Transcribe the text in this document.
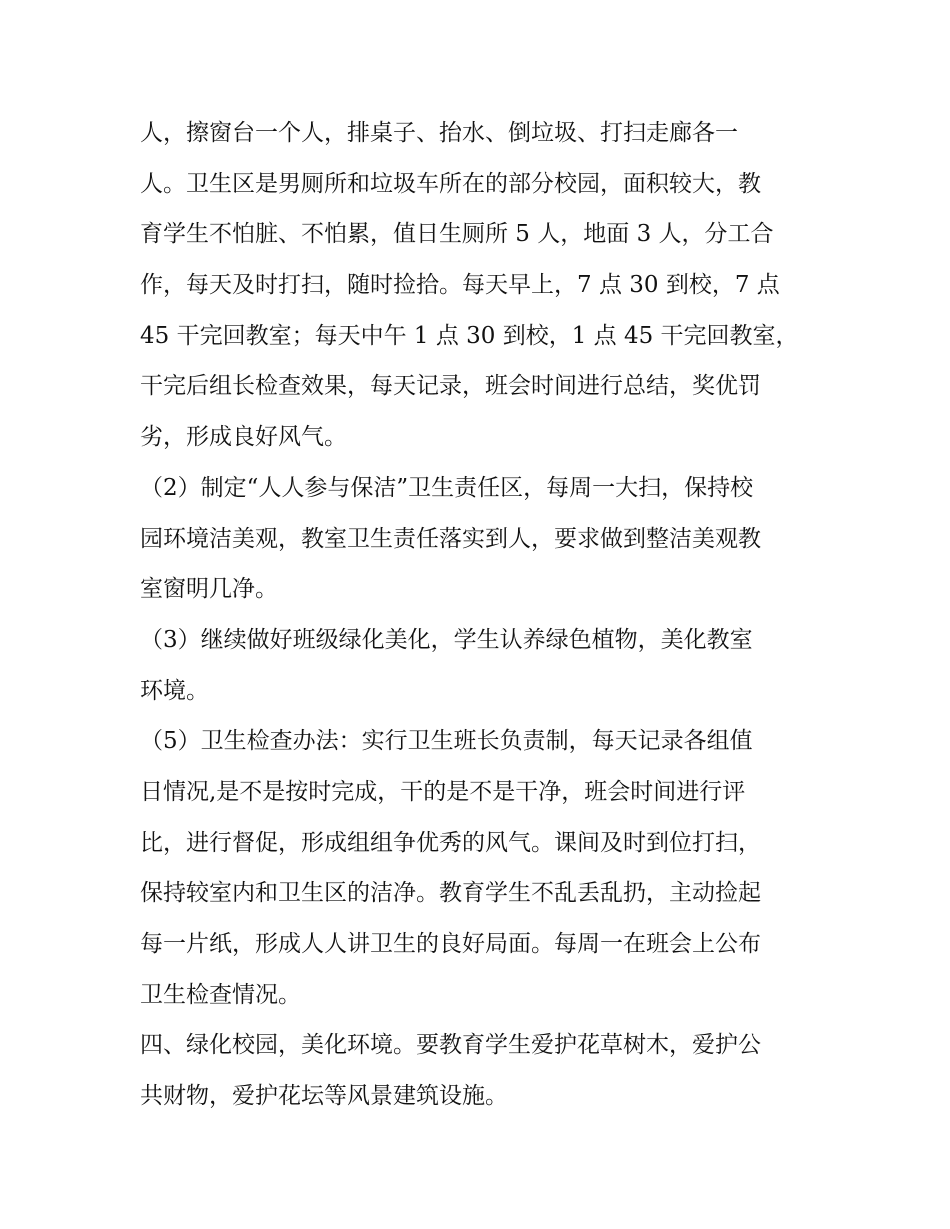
人，擦窗台一个人，排桌子、抬水、倒垃圾、打扫走廊各一
人。卫生区是男厕所和垃圾车所在的部分校园，面积较大，教
育学生不怕脏、不怕累，值日生厕所 5 人，地面 3 人，分工合
作，每天及时打扫，随时捡拾。每天早上，7 点 30 到校，7 点
45 干完回教室；每天中午 1 点 30 到校，1 点 45 干完回教室，
干完后组长检查效果，每天记录，班会时间进行总结，奖优罚
劣，形成良好风气。
（2）制定“人人参与保洁”卫生责任区，每周一大扫，保持校
园环境洁美观，教室卫生责任落实到人，要求做到整洁美观教
室窗明几净。
（3）继续做好班级绿化美化，学生认养绿色植物，美化教室
环境。
（5）卫生检查办法：实行卫生班长负责制，每天记录各组值
日情况,是不是按时完成，干的是不是干净，班会时间进行评
比，进行督促，形成组组争优秀的风气。课间及时到位打扫，
保持较室内和卫生区的洁净。教育学生不乱丢乱扔，主动捡起
每一片纸，形成人人讲卫生的良好局面。每周一在班会上公布
卫生检查情况。
四、绿化校园，美化环境。要教育学生爱护花草树木，爱护公
共财物，爱护花坛等风景建筑设施。
